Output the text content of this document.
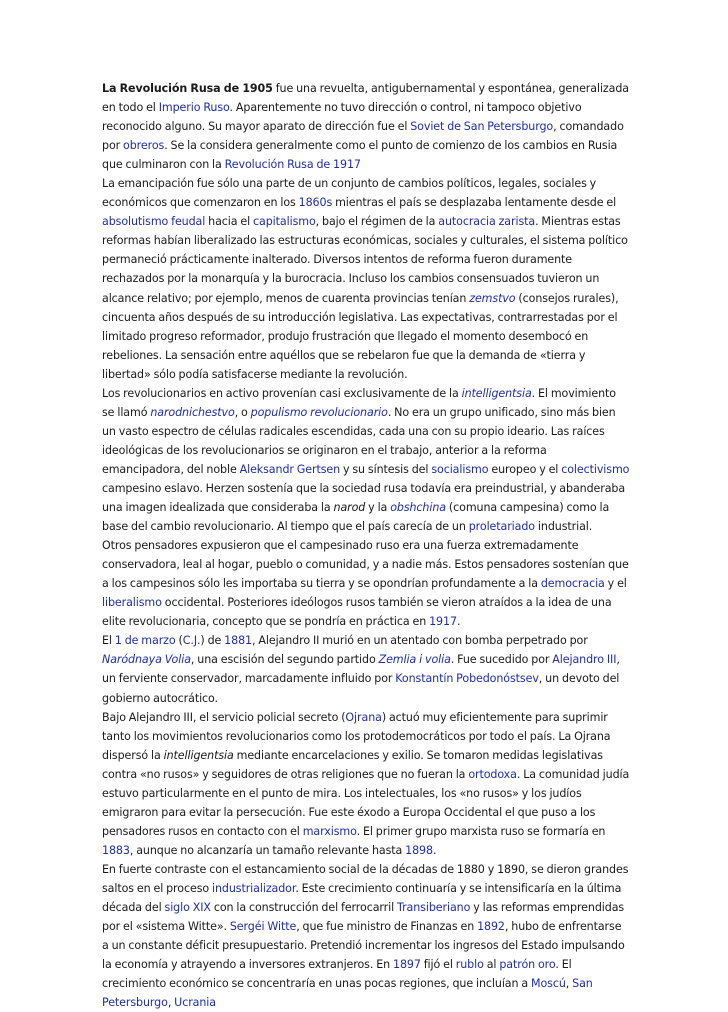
La Revolución Rusa de 1905 fue una revuelta, antigubernamental y espontánea, generalizada en todo el Imperio Ruso. Aparentemente no tuvo dirección o control, ni tampoco objetivo reconocido alguno. Su mayor aparato de dirección fue el Soviet de San Petersburgo, comandado por obreros. Se la considera generalmente como el punto de comienzo de los cambios en Rusia que culminaron con la Revolución Rusa de 1917

La emancipación fue sólo una parte de un conjunto de cambios políticos, legales, sociales y económicos que comenzaron en los 1860s mientras el país se desplazaba lentamente desde el absolutismo feudal hacia el capitalismo, bajo el régimen de la autocracia zarista. Mientras estas reformas habían liberalizado las estructuras económicas, sociales y culturales, el sistema político permaneció prácticamente inalterado. Diversos intentos de reforma fueron duramente rechazados por la monarquía y la burocracia. Incluso los cambios consensuados tuvieron un alcance relativo; por ejemplo, menos de cuarenta provincias tenían zemstvo (consejos rurales), cincuenta años después de su introducción legislativa. Las expectativas, contrarrestadas por el limitado progreso reformador, produjo frustración que llegado el momento desembocó en rebeliones. La sensación entre aquéllos que se rebelaron fue que la demanda de «tierra y libertad» sólo podía satisfacerse mediante la revolución.

Los revolucionarios en activo provenían casi exclusivamente de la intelligentsia. El movimiento se llamó narodnichestvo, o populismo revolucionario. No era un grupo unificado, sino más bien un vasto espectro de células radicales escendidas, cada una con su propio ideario. Las raíces ideológicas de los revolucionarios se originaron en el trabajo, anterior a la reforma emancipadora, del noble Aleksandr Gertsen y su síntesis del socialismo europeo y el colectivismo campesino eslavo. Herzen sostenía que la sociedad rusa todavía era preindustrial, y abanderaba una imagen idealizada que consideraba la narod y la obshchina (comuna campesina) como la base del cambio revolucionario. Al tiempo que el país carecía de un proletariado industrial.

Otros pensadores expusieron que el campesinado ruso era una fuerza extremadamente conservadora, leal al hogar, pueblo o comunidad, y a nadie más. Estos pensadores sostenían que a los campesinos sólo les importaba su tierra y se opondrían profundamente a la democracia y el liberalismo occidental. Posteriores ideólogos rusos también se vieron atraídos a la idea de una elite revolucionaria, concepto que se pondría en práctica en 1917.

El 1 de marzo (C.J.) de 1881, Alejandro II murió en un atentado con bomba perpetrado por Naródnaya Volia, una escisión del segundo partido Zemlia i volia. Fue sucedido por Alejandro III, un ferviente conservador, marcadamente influido por Konstantín Pobedonóstsev, un devoto del gobierno autocrático.

Bajo Alejandro III, el servicio policial secreto (Ojrana) actuó muy eficientemente para suprimir tanto los movimientos revolucionarios como los protodemocráticos por todo el país. La Ojrana dispersó la intelligentsia mediante encarcelaciones y exilio. Se tomaron medidas legislativas contra «no rusos» y seguidores de otras religiones que no fueran la ortodoxa. La comunidad judía estuvo particularmente en el punto de mira. Los intelectuales, los «no rusos» y los judíos emigraron para evitar la persecución. Fue este éxodo a Europa Occidental el que puso a los pensadores rusos en contacto con el marxismo. El primer grupo marxista ruso se formaría en 1883, aunque no alcanzaría un tamaño relevante hasta 1898.

En fuerte contraste con el estancamiento social de la décadas de 1880 y 1890, se dieron grandes saltos en el proceso industrializador. Este crecimiento continuaría y se intensificaría en la última década del siglo XIX con la construcción del ferrocarril Transiberiano y las reformas emprendidas por el «sistema Witte». Sergéi Witte, que fue ministro de Finanzas en 1892, hubo de enfrentarse a un constante déficit presupuestario. Pretendió incrementar los ingresos del Estado impulsando la economía y atrayendo a inversores extranjeros. En 1897 fijó el rublo al patrón oro. El crecimiento económico se concentraría en unas pocas regiones, que incluían a Moscú, San Petersburgo, Ucrania
